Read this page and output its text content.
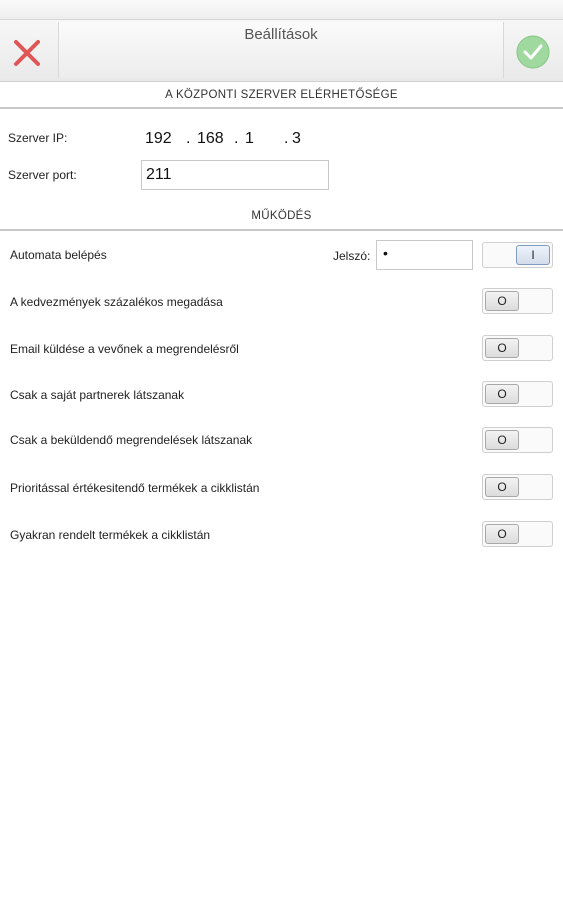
Beállítások
A KÖZPONTI SZERVER ELÉRHETŐSÉGE
Szerver IP:	192 . 168 . 1 . 3
Szerver port:	211
MŰKÖDÉS
Automata belépés	Jelszó: •	I
A kedvezmények százalékos megadása	O
Email küldése a vevőnek a megrendelésről	O
Csak a saját partnerek látszanak	O
Csak a beküldendő megrendelések látszanak	O
Prioritással értékesitendő termékek a cikklistán	O
Gyakran rendelt termékek a cikklistán	O
